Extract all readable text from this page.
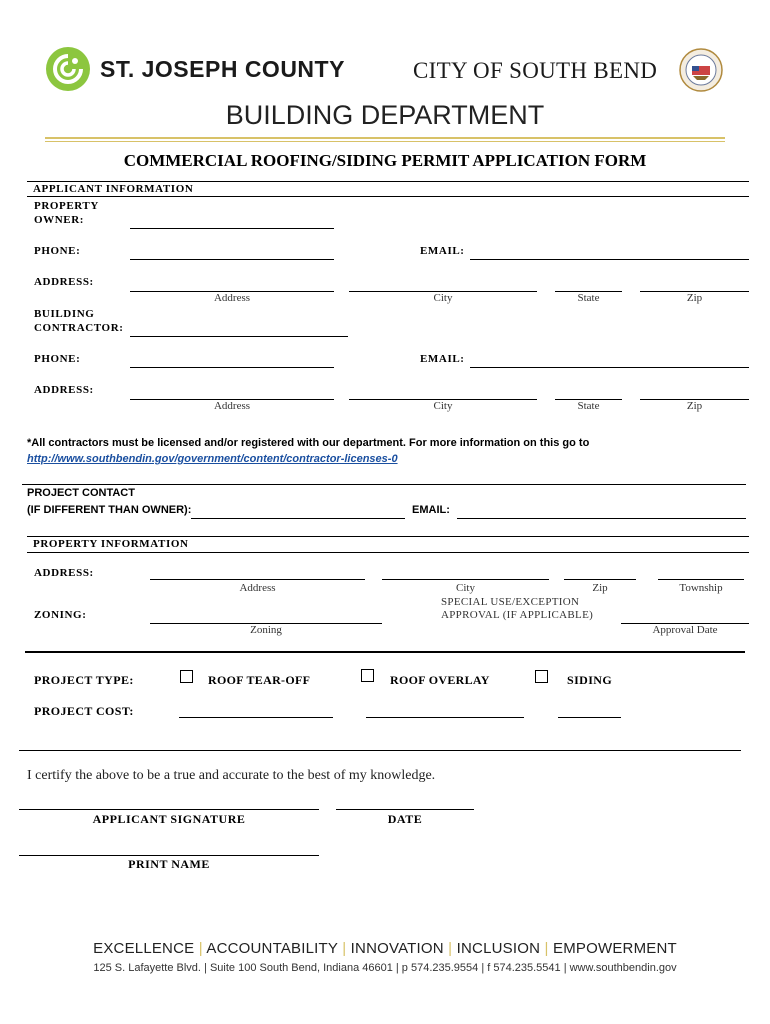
ST. JOSEPH COUNTY	CITY OF SOUTH BEND
BUILDING DEPARTMENT
COMMERCIAL ROOFING/SIDING PERMIT APPLICATION FORM
APPLICANT INFORMATION
PROPERTY
OWNER:
PHONE:	EMAIL:
ADDRESS:
Address	City	State	Zip
BUILDING
CONTRACTOR:
PHONE:	EMAIL:
ADDRESS:
Address	City	State	Zip
*All contractors must be licensed and/or registered with our department. For more information on this go to
http://www.southbendin.gov/government/content/contractor-licenses-0
PROJECT CONTACT
(IF DIFFERENT THAN OWNER):	EMAIL:
PROPERTY INFORMATION
ADDRESS:
Address	City	Zip	Township
SPECIAL USE/EXCEPTION
APPROVAL (IF APPLICABLE)
ZONING:
Zoning	Approval Date
PROJECT TYPE:	ROOF TEAR-OFF	ROOF OVERLAY	SIDING
PROJECT COST:
I certify the above to be a true and accurate to the best of my knowledge.
APPLICANT SIGNATURE	DATE
PRINT NAME
EXCELLENCE | ACCOUNTABILITY | INNOVATION | INCLUSION | EMPOWERMENT
125 S. Lafayette Blvd. | Suite 100 South Bend, Indiana 46601 | p 574.235.9554 | f 574.235.5541 | www.southbendin.gov
